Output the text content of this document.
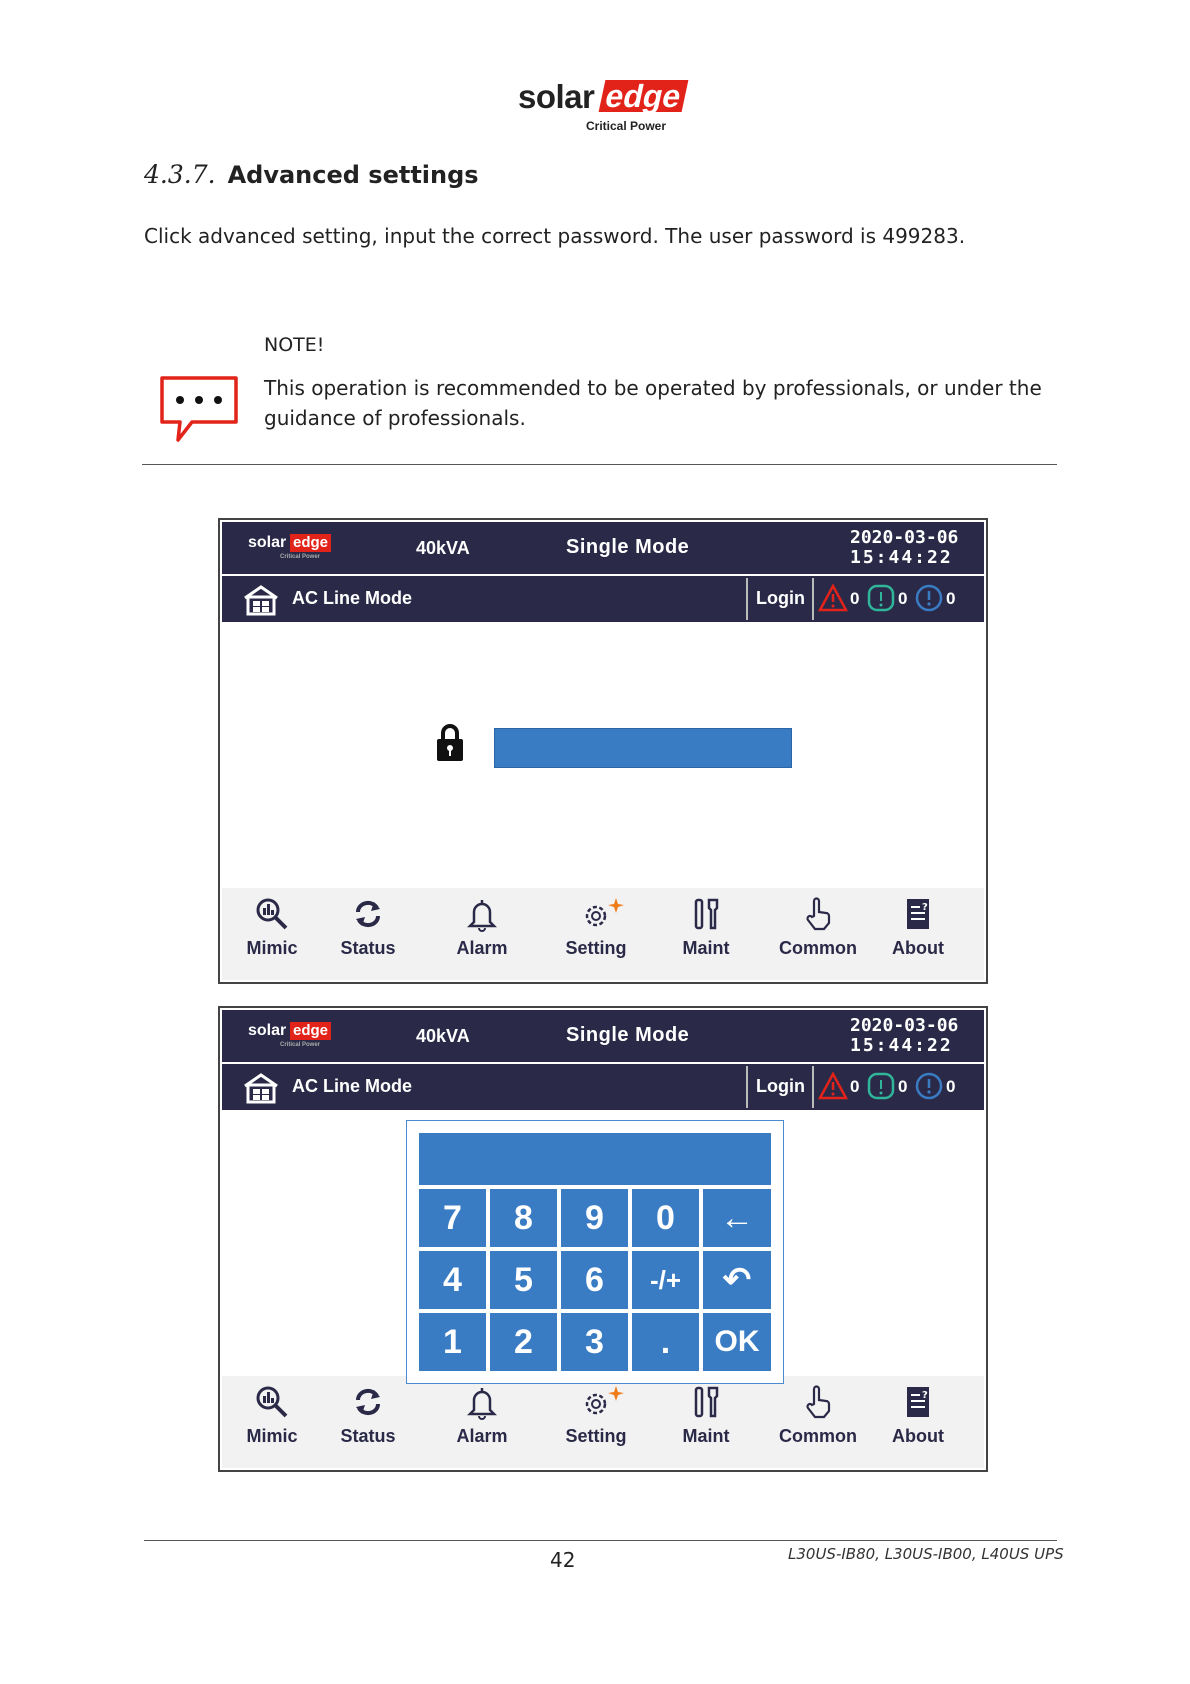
solar edge
Critical Power
4.3.7. Advanced settings
Click advanced setting, input the correct password. The user password is 499283.
NOTE!
This operation is recommended to be operated by professionals, or under the guidance of professionals.
solar edge
Critical Power	40kVA	Single Mode	2020-03-06
15:44:22
AC Line Mode	Login	0 0 0
Mimic	Status	Alarm	Setting	Maint	Common
?
About
solar edge
Critical Power	40kVA	Single Mode	2020-03-06
15:44:22
AC Line Mode	Login	0 0 0
Mimic	Status	Alarm	Setting	Maint	Common
?
About
7	8	9	0	←
4	5	6	-/+	↶
1	2	3	.	OK
42	L30US-IB80, L30US-IB00, L40US UPS
